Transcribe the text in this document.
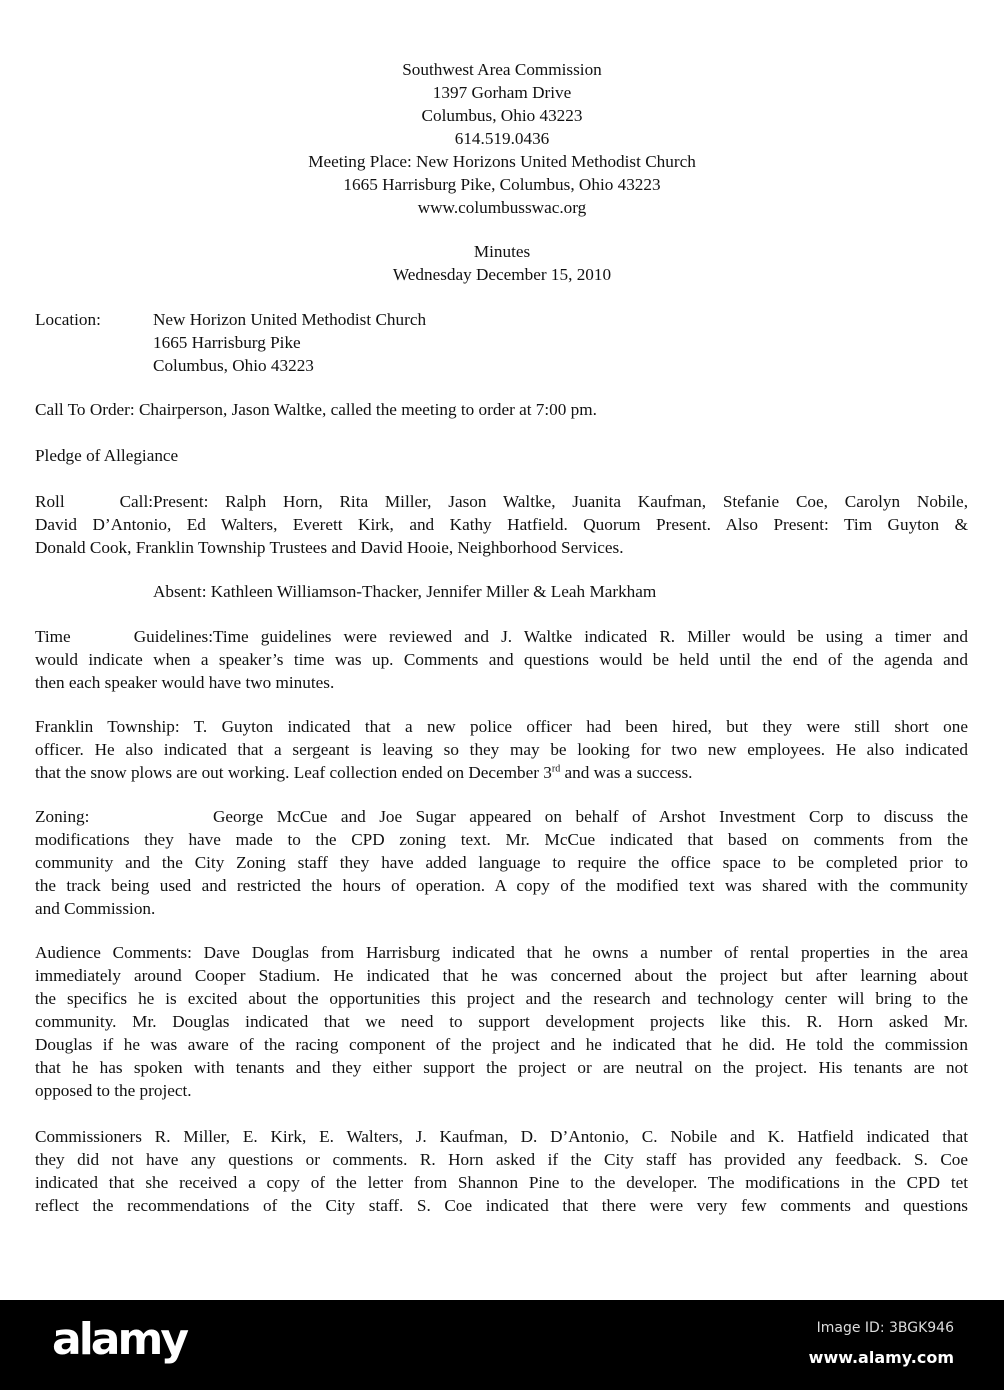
Southwest Area Commission
1397 Gorham Drive
Columbus, Ohio 43223
614.519.0436
Meeting Place: New Horizons United Methodist Church
1665 Harrisburg Pike, Columbus, Ohio 43223
www.columbusswac.org
Minutes
Wednesday December 15, 2010
Location:	New Horizon United Methodist Church
1665 Harrisburg Pike
Columbus, Ohio 43223
Call To Order: Chairperson, Jason Waltke, called the meeting to order at 7:00 pm.
Pledge of Allegiance
Roll Call:Present: Ralph Horn, Rita Miller, Jason Waltke, Juanita Kaufman, Stefanie Coe, Carolyn Nobile,
David D’Antonio, Ed Walters, Everett Kirk, and Kathy Hatfield. Quorum Present. Also Present: Tim Guyton &
Donald Cook, Franklin Township Trustees and David Hooie, Neighborhood Services.
Absent: Kathleen Williamson-Thacker, Jennifer Miller & Leah Markham
Time Guidelines:Time guidelines were reviewed and J. Waltke indicated R. Miller would be using a timer and
would indicate when a speaker’s time was up. Comments and questions would be held until the end of the agenda and
then each speaker would have two minutes.
Franklin Township: T. Guyton indicated that a new police officer had been hired, but they were still short one
officer. He also indicated that a sergeant is leaving so they may be looking for two new employees. He also indicated
that the snow plows are out working. Leaf collection ended on December 3rd and was a success.
Zoning:	George McCue and Joe Sugar appeared on behalf of Arshot Investment Corp to discuss the
modifications they have made to the CPD zoning text. Mr. McCue indicated that based on comments from the
community and the City Zoning staff they have added language to require the office space to be completed prior to
the track being used and restricted the hours of operation. A copy of the modified text was shared with the community
and Commission.
Audience Comments: Dave Douglas from Harrisburg indicated that he owns a number of rental properties in the area
immediately around Cooper Stadium. He indicated that he was concerned about the project but after learning about
the specifics he is excited about the opportunities this project and the research and technology center will bring to the
community. Mr. Douglas indicated that we need to support development projects like this. R. Horn asked Mr.
Douglas if he was aware of the racing component of the project and he indicated that he did. He told the commission
that he has spoken with tenants and they either support the project or are neutral on the project. His tenants are not
opposed to the project.
Commissioners R. Miller, E. Kirk, E. Walters, J. Kaufman, D. D’Antonio, C. Nobile and K. Hatfield indicated that
they did not have any questions or comments. R. Horn asked if the City staff has provided any feedback. S. Coe
indicated that she received a copy of the letter from Shannon Pine to the developer. The modifications in the CPD tet
reflect the recommendations of the City staff. S. Coe indicated that there were very few comments and questions
alamy	Image ID: 3BGK946
www.alamy.com
